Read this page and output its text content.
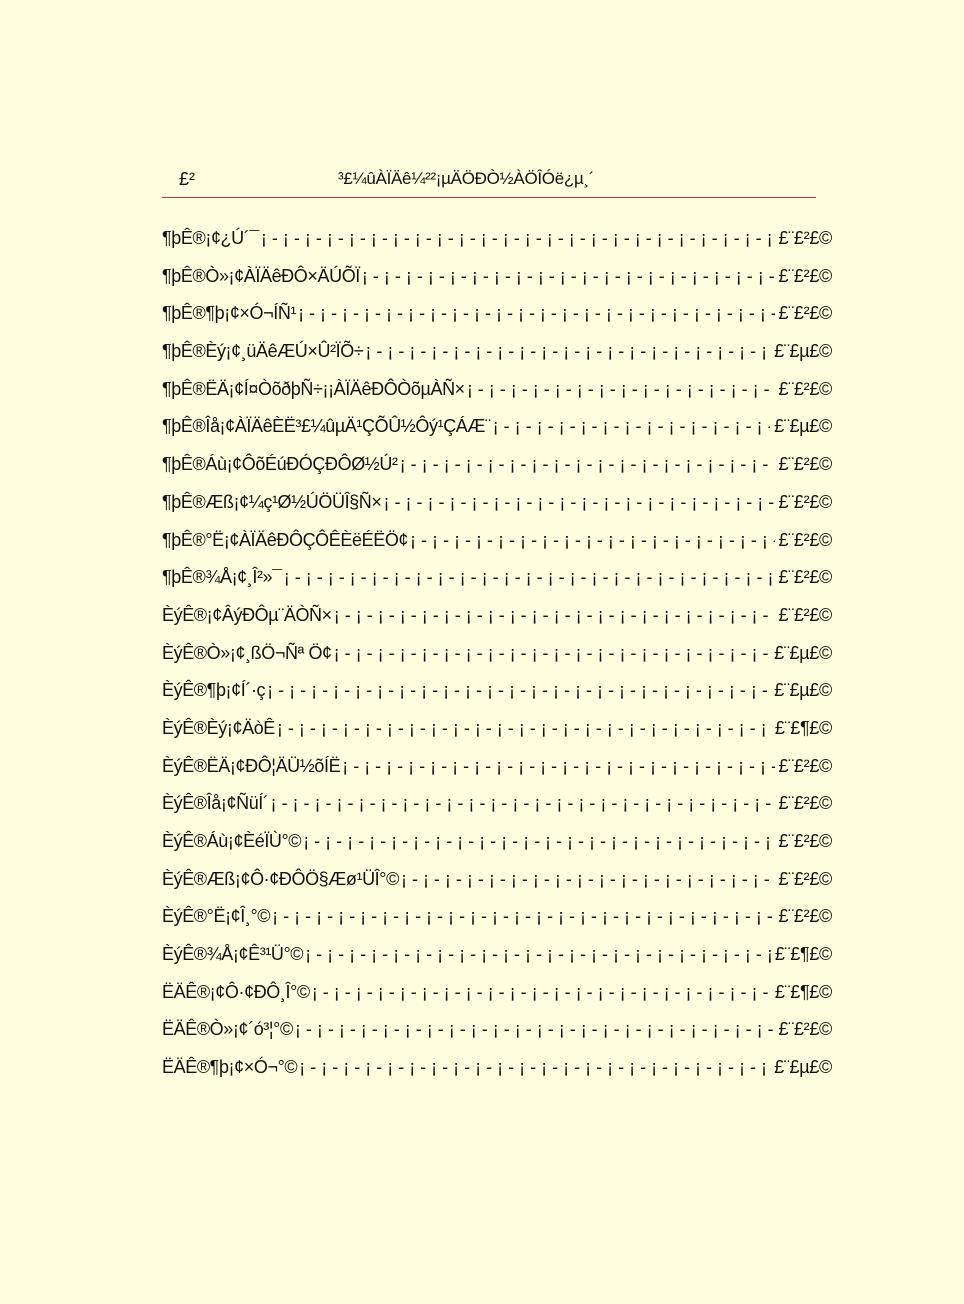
£²	³£¼ûÀÏÄê¼²²¡µÄÖÐÒ½ÀÖÎÓë¿µ¸´
¶þÊ®¡¢¿Ú´¯ ¡-¡-¡-¡-¡-¡-¡-¡-¡-¡-¡-¡-¡-¡-¡-¡-¡-¡-¡-¡-¡-¡-¡-¡-¡-¡-¡-¡-¡-¡-¡-¡-¡-¡-¡-¡-¡-¡-¡-¡-¡-¡-	£¨£²£©
¶þÊ®Ò»¡¢ÀÏÄêÐÔ×ÄÚÕÏ ¡-¡-¡-¡-¡-¡-¡-¡-¡-¡-¡-¡-¡-¡-¡-¡-¡-¡-¡-¡-¡-¡-¡-¡-¡-¡-¡-¡-¡-¡-¡-¡-¡-¡-¡-¡-¡-¡-¡-¡-¡-¡-	£¨£²£©
¶þÊ®¶þ¡¢×Ó¬ÍÑ¹ ¡-¡-¡-¡-¡-¡-¡-¡-¡-¡-¡-¡-¡-¡-¡-¡-¡-¡-¡-¡-¡-¡-¡-¡-¡-¡-¡-¡-¡-¡-¡-¡-¡-¡-¡-¡-¡-¡-¡-¡-¡-¡-	£¨£²£©
¶þÊ®Èý¡¢¸üÄêÆÚ×Û²ÏÕ÷ ¡-¡-¡-¡-¡-¡-¡-¡-¡-¡-¡-¡-¡-¡-¡-¡-¡-¡-¡-¡-¡-¡-¡-¡-¡-¡-¡-¡-¡-¡-¡-¡-¡-¡-¡-¡-¡-¡-¡-¡-¡-¡-	£¨£µ£©
¶þÊ®ËÄ¡¢Í¤ÒõðþÑ÷¡¡ÀÏÄêÐÔÒõµÀÑ× ¡-¡-¡-¡-¡-¡-¡-¡-¡-¡-¡-¡-¡-¡-¡-¡-¡-¡-¡-¡-¡-¡-¡-¡-¡-¡-¡-¡-¡-¡-¡-¡-¡-¡-¡-¡-¡-¡-¡-¡-¡-¡-	£¨£²£©
¶þÊ®Îå¡¢ÀÏÄêÈË³£¼ûµÄ¹ÇÕÛ½Ôý¹ÇÁÆ¨ ¡-¡-¡-¡-¡-¡-¡-¡-¡-¡-¡-¡-¡-¡-¡-¡-¡-¡-¡-¡-¡-¡-¡-¡-¡-¡-¡-¡-¡-¡-¡-¡-¡-¡-¡-¡-¡-¡-¡-¡-¡-¡-	£¨£µ£©
¶þÊ®Áù¡¢ÔõÉúÐÓÇÐÔØ½Ú² ¡-¡-¡-¡-¡-¡-¡-¡-¡-¡-¡-¡-¡-¡-¡-¡-¡-¡-¡-¡-¡-¡-¡-¡-¡-¡-¡-¡-¡-¡-¡-¡-¡-¡-¡-¡-¡-¡-¡-¡-¡-¡-	£¨£²£©
¶þÊ®Æß¡¢¼ç¹Ø½ÚÖÜÎ§Ñ× ¡-¡-¡-¡-¡-¡-¡-¡-¡-¡-¡-¡-¡-¡-¡-¡-¡-¡-¡-¡-¡-¡-¡-¡-¡-¡-¡-¡-¡-¡-¡-¡-¡-¡-¡-¡-¡-¡-¡-¡-¡-¡-	£¨£²£©
¶þÊ®°Ë¡¢ÀÏÄêÐÔÇÔÊÈëÉËÖ¢ ¡-¡-¡-¡-¡-¡-¡-¡-¡-¡-¡-¡-¡-¡-¡-¡-¡-¡-¡-¡-¡-¡-¡-¡-¡-¡-¡-¡-¡-¡-¡-¡-¡-¡-¡-¡-¡-¡-¡-¡-¡-¡-	£¨£²£©
¶þÊ®¾Å¡¢¸Î²»¯ ¡-¡-¡-¡-¡-¡-¡-¡-¡-¡-¡-¡-¡-¡-¡-¡-¡-¡-¡-¡-¡-¡-¡-¡-¡-¡-¡-¡-¡-¡-¡-¡-¡-¡-¡-¡-¡-¡-¡-¡-¡-¡-	£¨£²£©
ÈýÊ®¡¢ÂýÐÔµ¨ÄÒÑ× ¡-¡-¡-¡-¡-¡-¡-¡-¡-¡-¡-¡-¡-¡-¡-¡-¡-¡-¡-¡-¡-¡-¡-¡-¡-¡-¡-¡-¡-¡-¡-¡-¡-¡-¡-¡-¡-¡-¡-¡-¡-¡-	£¨£²£©
ÈýÊ®Ò»¡¢¸ßÖ¬Ñª Ö¢ ¡-¡-¡-¡-¡-¡-¡-¡-¡-¡-¡-¡-¡-¡-¡-¡-¡-¡-¡-¡-¡-¡-¡-¡-¡-¡-¡-¡-¡-¡-¡-¡-¡-¡-¡-¡-¡-¡-¡-¡-¡-¡-	£¨£µ£©
ÈýÊ®¶þ¡¢Í´·ç ¡-¡-¡-¡-¡-¡-¡-¡-¡-¡-¡-¡-¡-¡-¡-¡-¡-¡-¡-¡-¡-¡-¡-¡-¡-¡-¡-¡-¡-¡-¡-¡-¡-¡-¡-¡-¡-¡-¡-¡-¡-¡-	£¨£µ£©
ÈýÊ®Èý¡¢ÄòÊ ¡-¡-¡-¡-¡-¡-¡-¡-¡-¡-¡-¡-¡-¡-¡-¡-¡-¡-¡-¡-¡-¡-¡-¡-¡-¡-¡-¡-¡-¡-¡-¡-¡-¡-¡-¡-¡-¡-¡-¡-¡-¡-	£¨£¶£©
ÈýÊ®ËÄ¡¢ÐÔ¦ÄÜ½õÍË ¡-¡-¡-¡-¡-¡-¡-¡-¡-¡-¡-¡-¡-¡-¡-¡-¡-¡-¡-¡-¡-¡-¡-¡-¡-¡-¡-¡-¡-¡-¡-¡-¡-¡-¡-¡-¡-¡-¡-¡-¡-¡-	£¨£²£©
ÈýÊ®Îå¡¢ÑüÍ´ ¡-¡-¡-¡-¡-¡-¡-¡-¡-¡-¡-¡-¡-¡-¡-¡-¡-¡-¡-¡-¡-¡-¡-¡-¡-¡-¡-¡-¡-¡-¡-¡-¡-¡-¡-¡-¡-¡-¡-¡-¡-¡-	£¨£²£©
ÈýÊ®Áù¡¢ÈéÏÙ°© ¡-¡-¡-¡-¡-¡-¡-¡-¡-¡-¡-¡-¡-¡-¡-¡-¡-¡-¡-¡-¡-¡-¡-¡-¡-¡-¡-¡-¡-¡-¡-¡-¡-¡-¡-¡-¡-¡-¡-¡-¡-¡-	£¨£²£©
ÈýÊ®Æß¡¢Ô·¢ÐÔÖ§Æø¹ÜÎ°© ¡-¡-¡-¡-¡-¡-¡-¡-¡-¡-¡-¡-¡-¡-¡-¡-¡-¡-¡-¡-¡-¡-¡-¡-¡-¡-¡-¡-¡-¡-¡-¡-¡-¡-¡-¡-¡-¡-¡-¡-¡-¡-	£¨£²£©
ÈýÊ®°Ë¡¢Î¸°© ¡-¡-¡-¡-¡-¡-¡-¡-¡-¡-¡-¡-¡-¡-¡-¡-¡-¡-¡-¡-¡-¡-¡-¡-¡-¡-¡-¡-¡-¡-¡-¡-¡-¡-¡-¡-¡-¡-¡-¡-¡-¡-	£¨£²£©
ÈýÊ®¾Å¡¢Ê³¹Ü°© ¡-¡-¡-¡-¡-¡-¡-¡-¡-¡-¡-¡-¡-¡-¡-¡-¡-¡-¡-¡-¡-¡-¡-¡-¡-¡-¡-¡-¡-¡-¡-¡-¡-¡-¡-¡-¡-¡-¡-¡-¡-¡-	£¨£¶£©
ËÄÊ®¡¢Ô·¢ÐÔ¸Î°© ¡-¡-¡-¡-¡-¡-¡-¡-¡-¡-¡-¡-¡-¡-¡-¡-¡-¡-¡-¡-¡-¡-¡-¡-¡-¡-¡-¡-¡-¡-¡-¡-¡-¡-¡-¡-¡-¡-¡-¡-¡-¡-	£¨£¶£©
ËÄÊ®Ò»¡¢´ó³¦°© ¡-¡-¡-¡-¡-¡-¡-¡-¡-¡-¡-¡-¡-¡-¡-¡-¡-¡-¡-¡-¡-¡-¡-¡-¡-¡-¡-¡-¡-¡-¡-¡-¡-¡-¡-¡-¡-¡-¡-¡-¡-¡-	£¨£²£©
ËÄÊ®¶þ¡¢×Ó¬°© ¡-¡-¡-¡-¡-¡-¡-¡-¡-¡-¡-¡-¡-¡-¡-¡-¡-¡-¡-¡-¡-¡-¡-¡-¡-¡-¡-¡-¡-¡-¡-¡-¡-¡-¡-¡-¡-¡-¡-¡-¡-¡-	£¨£µ£©
